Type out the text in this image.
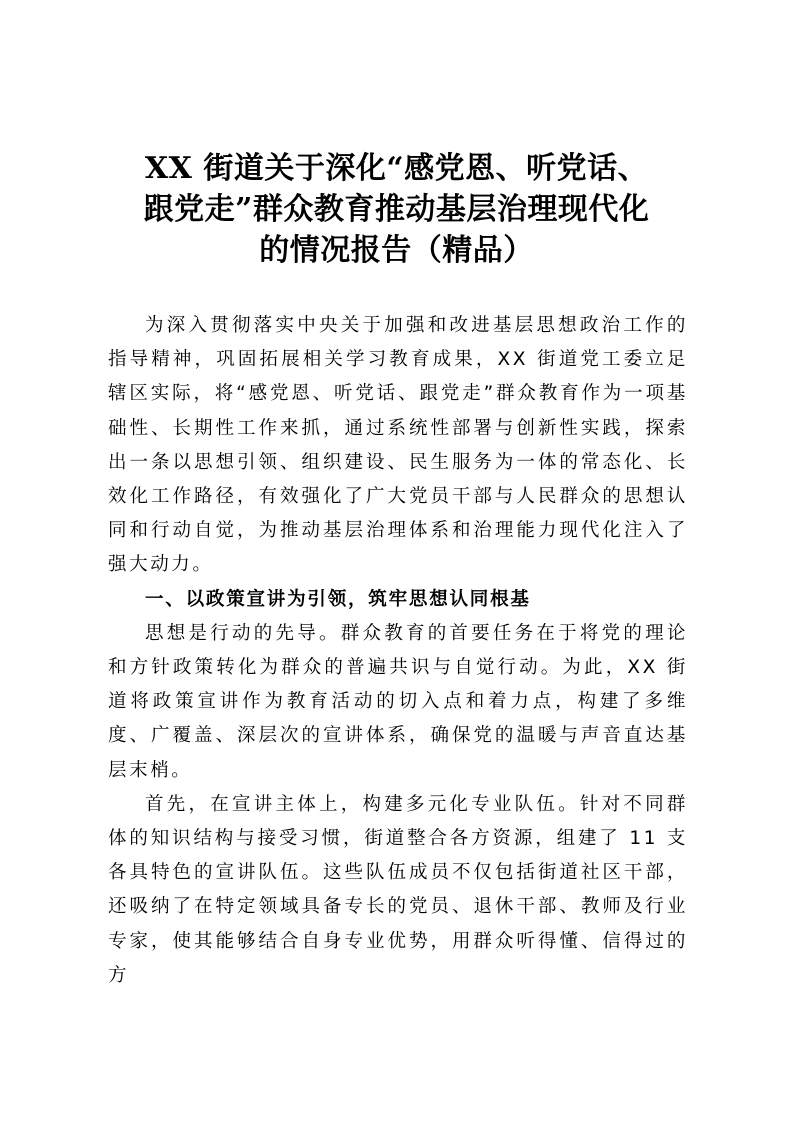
XX 街道关于深化“感党恩、听党话、
跟党走”群众教育推动基层治理现代化
的情况报告（精品）

为深入贯彻落实中央关于加强和改进基层思想政治工作的指导精神，巩固拓展相关学习教育成果，XX 街道党工委立足辖区实际，将“感党恩、听党话、跟党走”群众教育作为一项基础性、长期性工作来抓，通过系统性部署与创新性实践，探索出一条以思想引领、组织建设、民生服务为一体的常态化、长效化工作路径，有效强化了广大党员干部与人民群众的思想认同和行动自觉，为推动基层治理体系和治理能力现代化注入了强大动力。

一、以政策宣讲为引领，筑牢思想认同根基

思想是行动的先导。群众教育的首要任务在于将党的理论和方针政策转化为群众的普遍共识与自觉行动。为此，XX 街道将政策宣讲作为教育活动的切入点和着力点，构建了多维度、广覆盖、深层次的宣讲体系，确保党的温暖与声音直达基层末梢。

首先，在宣讲主体上，构建多元化专业队伍。针对不同群体的知识结构与接受习惯，街道整合各方资源，组建了 11 支各具特色的宣讲队伍。这些队伍成员不仅包括街道社区干部，还吸纳了在特定领域具备专长的党员、退休干部、教师及行业专家，使其能够结合自身专业优势，用群众听得懂、信得过的方
